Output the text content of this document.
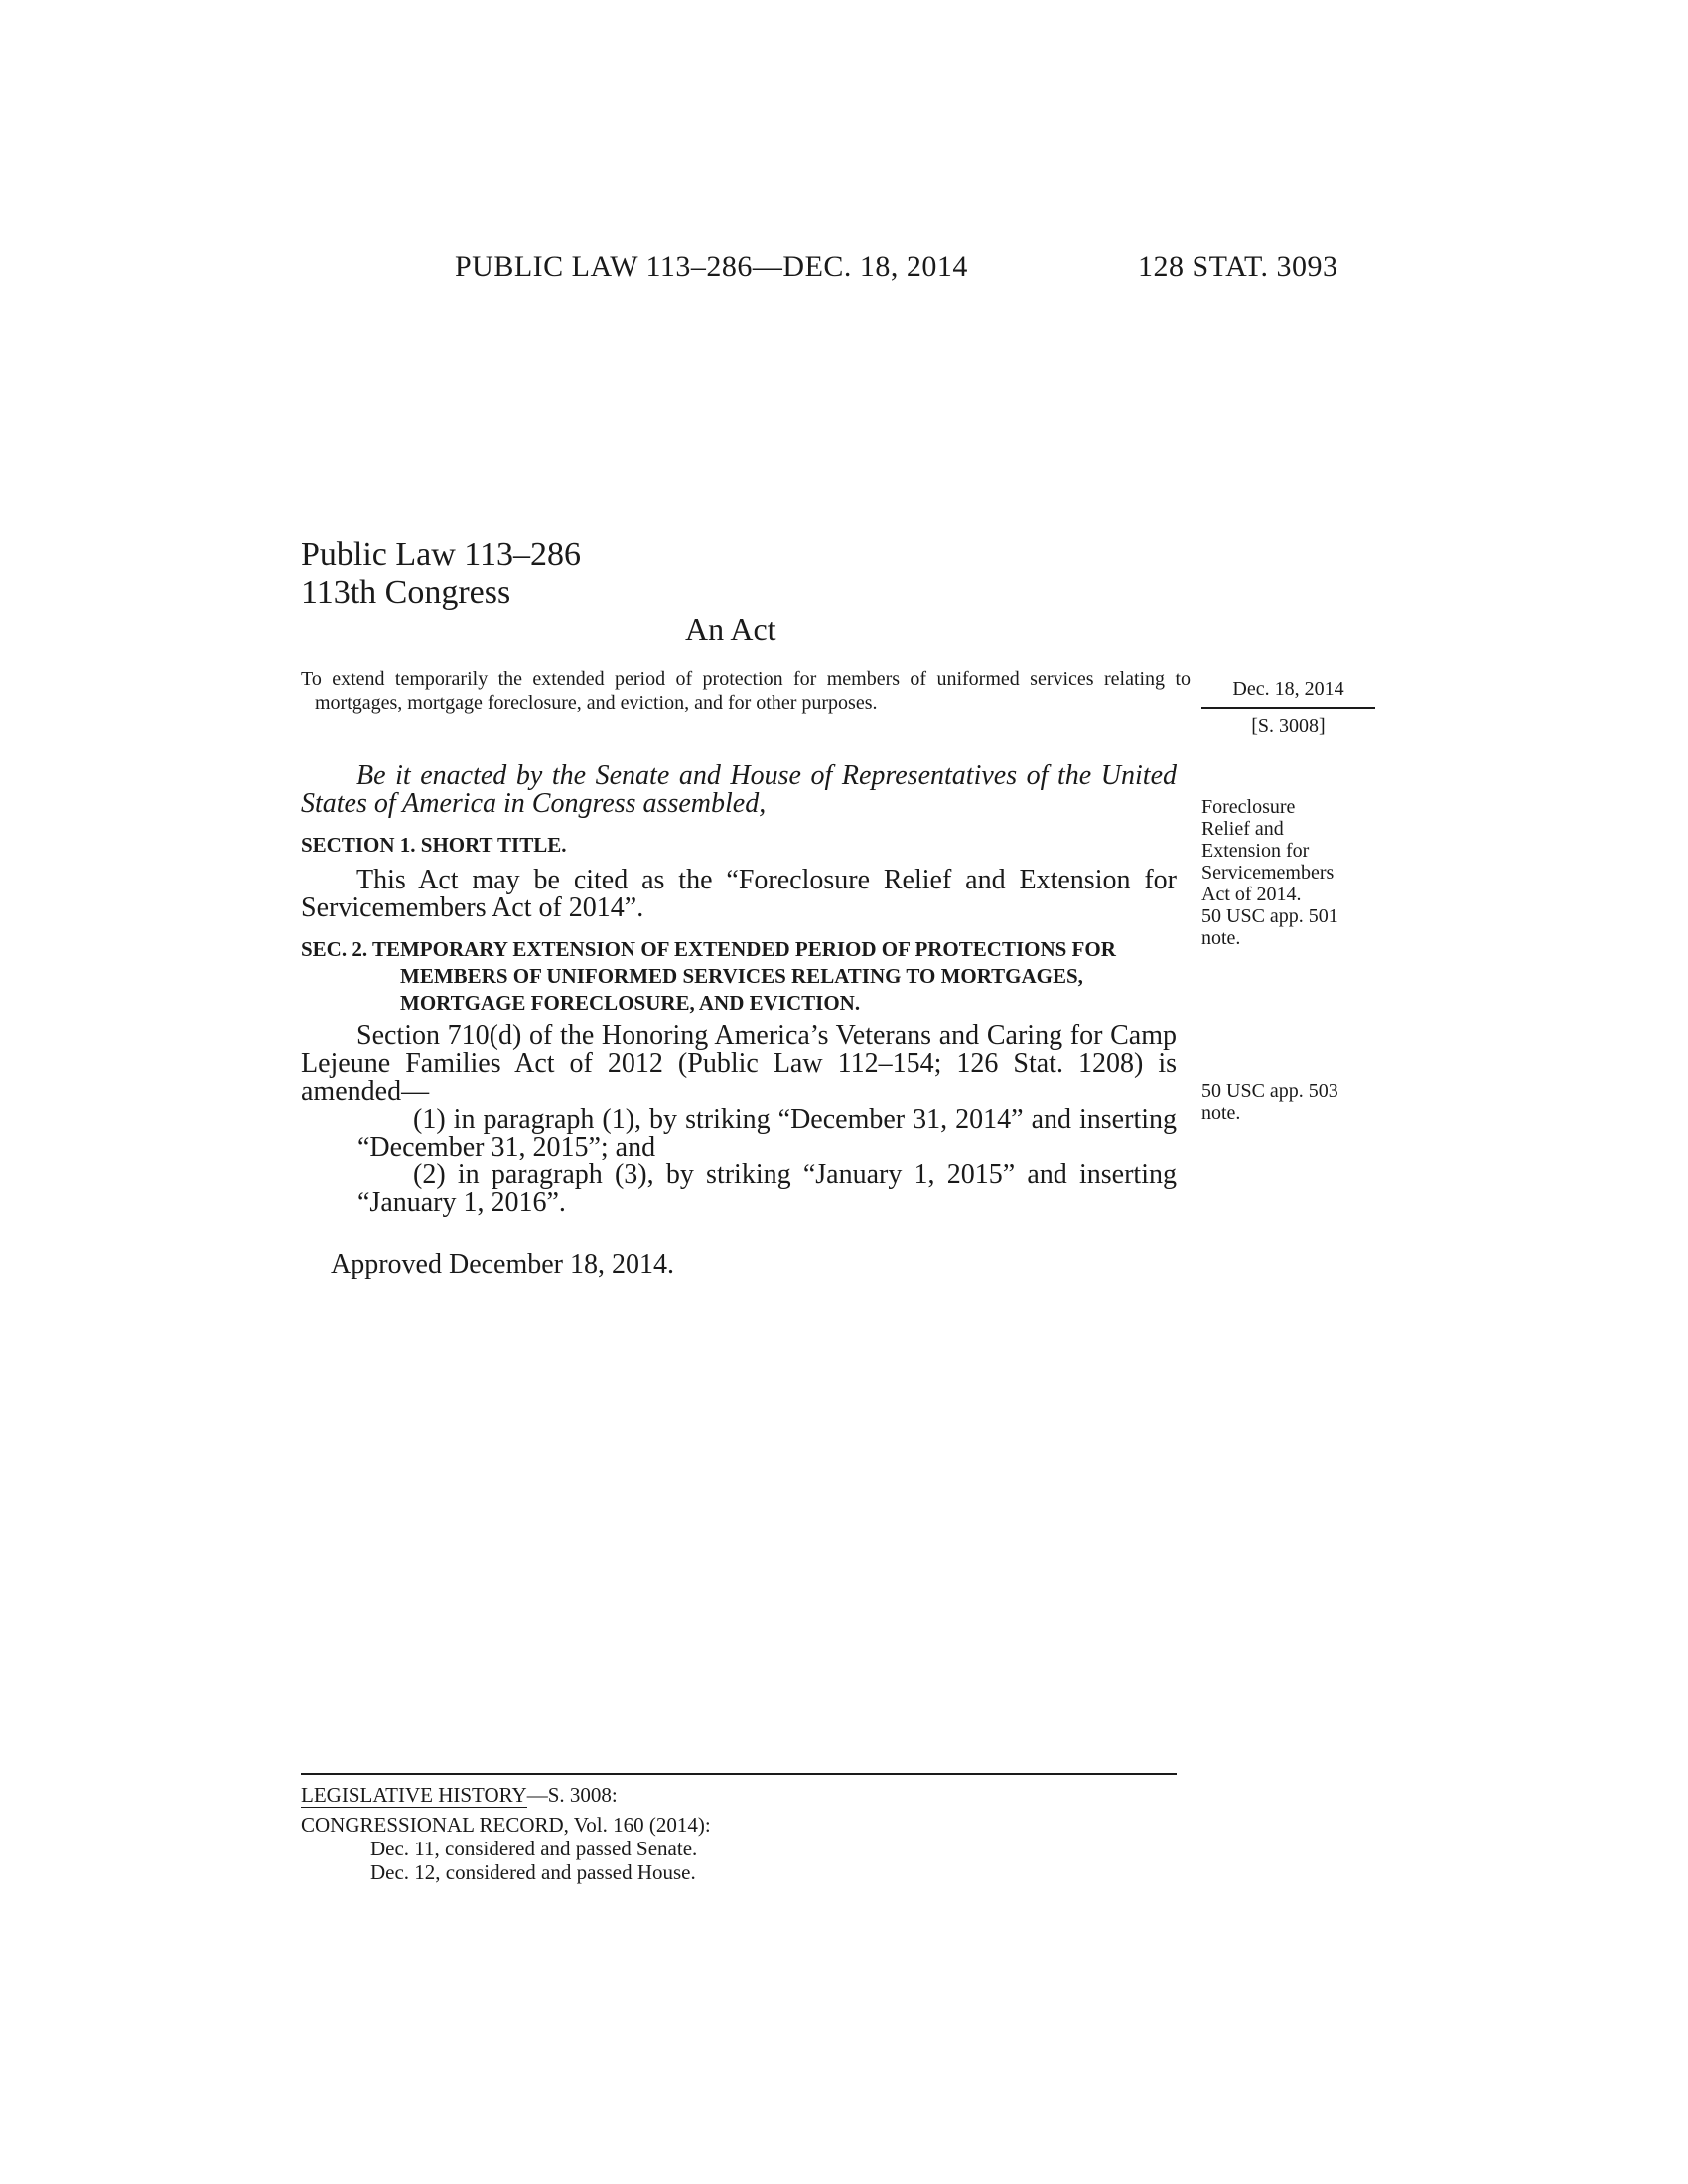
PUBLIC LAW 113–286—DEC. 18, 2014	128 STAT. 3093
Public Law 113–286
113th Congress
An Act
To extend temporarily the extended period of protection for members of uniformed services relating to mortgages, mortgage foreclosure, and eviction, and for other purposes.
Dec. 18, 2014
[S. 3008]
Be it enacted by the Senate and House of Representatives of the United States of America in Congress assembled,	Foreclosure
Relief and
Extension for
Servicemembers
Act of 2014.
50 USC app. 501
note.
SECTION 1. SHORT TITLE.
This Act may be cited as the “Foreclosure Relief and Extension for Servicemembers Act of 2014”.
SEC. 2. TEMPORARY EXTENSION OF EXTENDED PERIOD OF PROTECTIONS FOR MEMBERS OF UNIFORMED SERVICES RELATING TO MORTGAGES, MORTGAGE FORECLOSURE, AND EVICTION.
Section 710(d) of the Honoring America’s Veterans and Caring for Camp Lejeune Families Act of 2012 (Public Law 112–154; 126 Stat. 1208) is amended—	50 USC app. 503
note.
(1) in paragraph (1), by striking “December 31, 2014” and inserting “December 31, 2015”; and
(2) in paragraph (3), by striking “January 1, 2015” and inserting “January 1, 2016”.
Approved December 18, 2014.
LEGISLATIVE HISTORY—S. 3008:
CONGRESSIONAL RECORD, Vol. 160 (2014):
Dec. 11, considered and passed Senate.
Dec. 12, considered and passed House.
